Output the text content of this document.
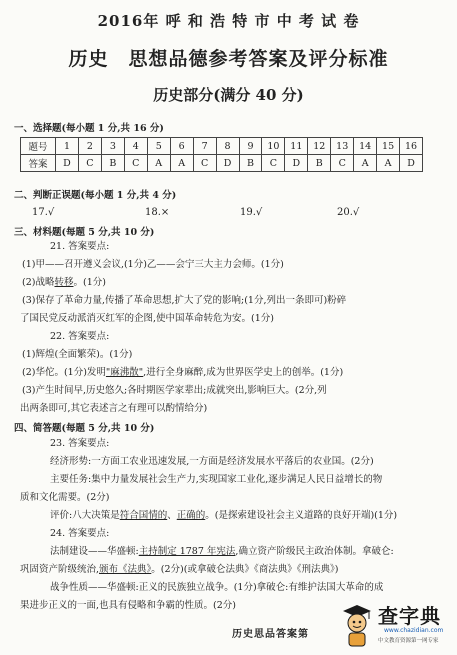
2016年 呼 和 浩 特 市 中 考 试 卷
历史　思想品德参考答案及评分标准
历史部分(满分 40 分)
一、选择题(每小题 1 分,共 16 分)
题号	1	2	3	4	5	6	7	8	9	10	11	12	13	14	15	16
答案	D	C	B	C	A	A	C	D	B	C	D	B	C	A	A	D
二、判断正误题(每小题 1 分,共 4 分)
17.√	18.×	19.√	20.√
三、材料题(每题 5 分,共 10 分)
21. 答案要点:
(1)甲——召开遵义会议,(1分)乙——会宁三大主力会师。(1分)
(2)战略转移。(1分)
(3)保存了革命力量,传播了革命思想,扩大了党的影响;(1分,列出一条即可)粉碎
了国民党反动派消灭红军的企图,使中国革命转危为安。(1分)
22. 答案要点:
(1)辉煌(全面繁荣)。(1分)
(2)华佗。(1分)发明"麻沸散",进行全身麻醉,成为世界医学史上的创举。(1分)
(3)产生时间早,历史悠久;各时期医学家辈出;成就突出,影响巨大。(2分,列
出两条即可,其它表述言之有理可以酌情给分)
四、简答题(每题 5 分,共 10 分)
23. 答案要点:
经济形势:一方面工农业迅速发展,一方面是经济发展水平落后的农业国。(2分)
主要任务:集中力量发展社会生产力,实现国家工业化,逐步满足人民日益增长的物
质和文化需要。(2分)
评价:八大决策是符合国情的、正确的。(是探索建设社会主义道路的良好开端)(1分)
24. 答案要点:
法制建设——华盛顿:主持制定 1787 年宪法,确立资产阶级民主政治体制。拿破仑:
巩固资产阶级统治,颁布《法典》。(2分)(或拿破仑法典》《商法典》《刑法典》)
战争性质——华盛顿:正义的民族独立战争。(1分)拿破仑:有维护法国大革命的成
果进步正义的一面,也具有侵略和争霸的性质。(2分)
历史思品答案第
查字典
www.chazidian.com
中文教育资源第一网专家
